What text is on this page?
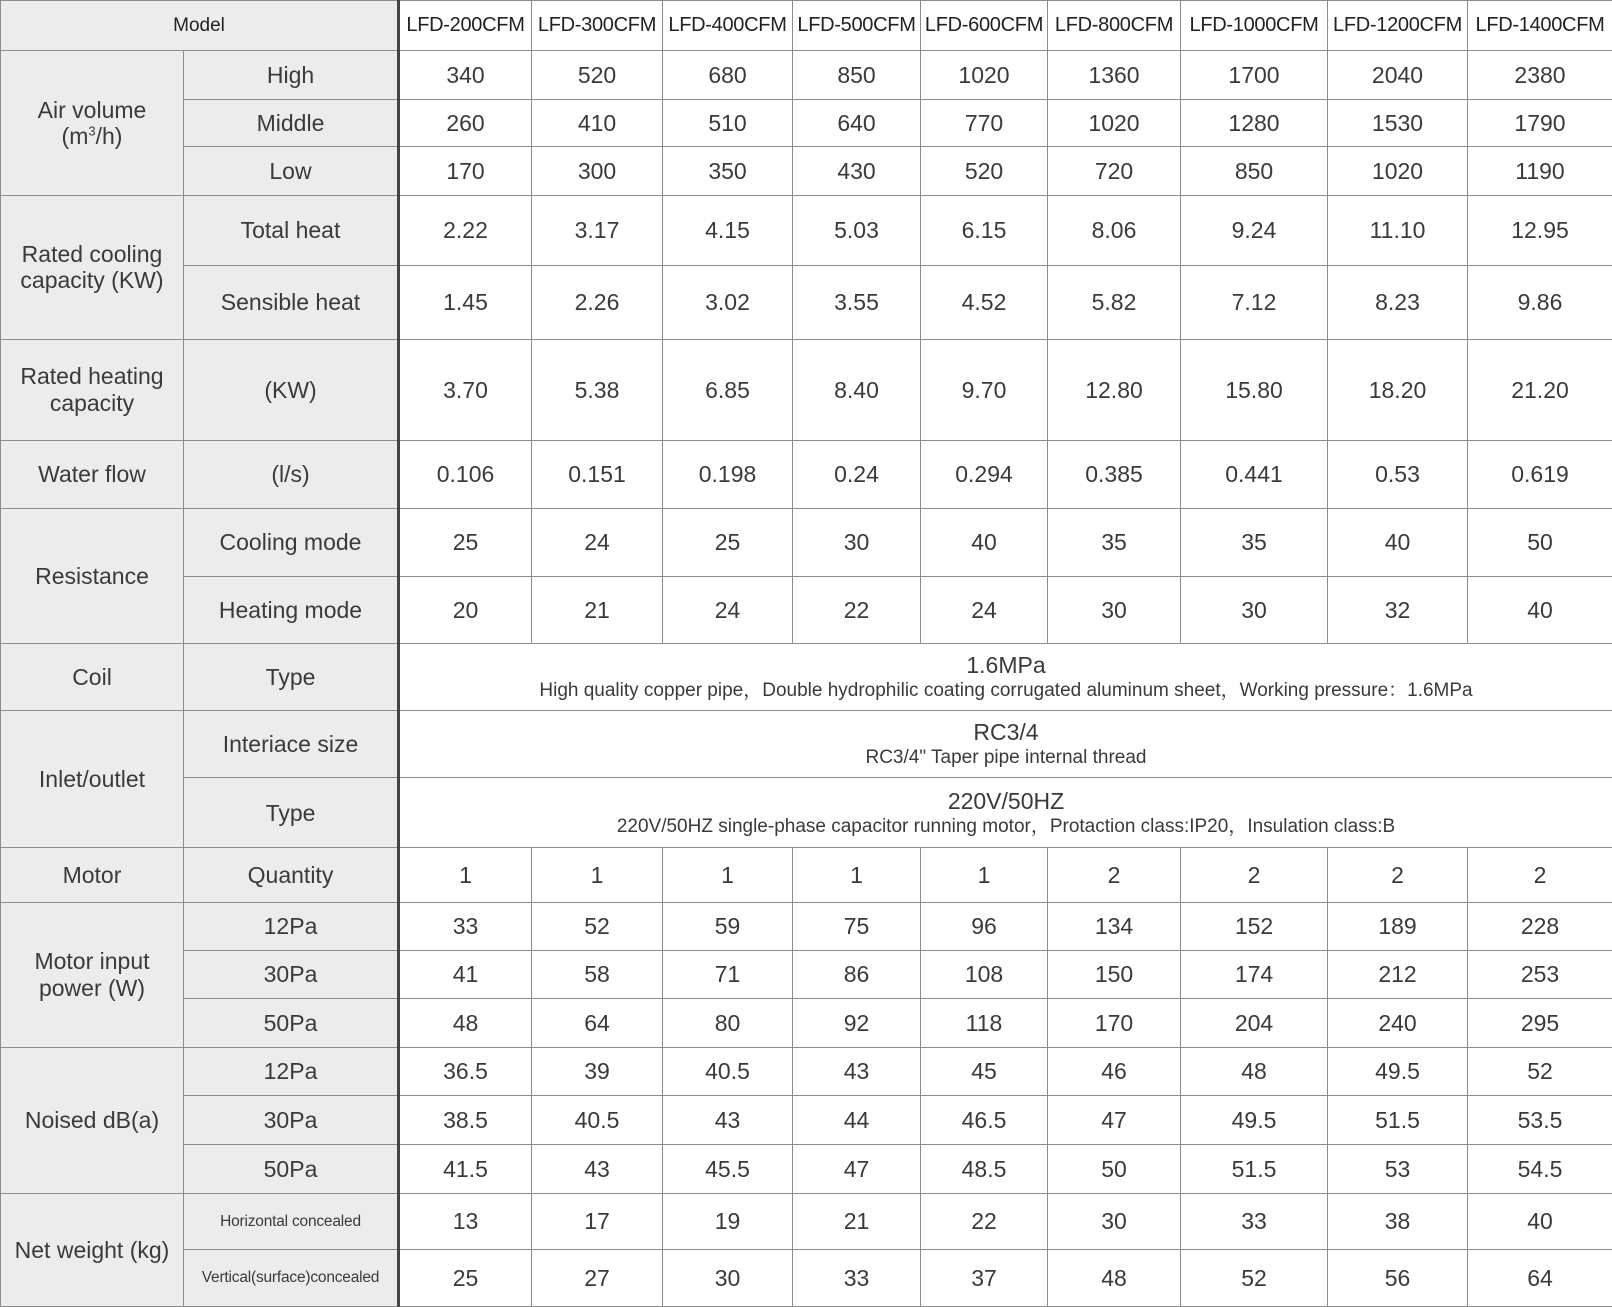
Model		LFD-200CFM	LFD-300CFM	LFD-400CFM	LFD-500CFM	LFD-600CFM	LFD-800CFM	LFD-1000CFM	LFD-1200CFM	LFD-1400CFM
Air volume
$(m^3/h)$	High	340	520	680	850	1020	1360	1700	2040	2380
	Middle	260	410	510	640	770	1020	1280	1530	1790
	Low	170	300	350	430	520	720	850	1020	1190
Rated cooling capacity (KW)	Total heat	2.22	3.17	4.15	5.03	6.15	8.06	9.24	11.10	12.95
	Sensible heat	1.45	2.26	3.02	3.55	4.52	5.82	7.12	8.23	9.86
Rated heating capacity	(KW)	3.70	5.38	6.85	8.40	9.70	12.80	15.80	18.20	21.20
Water flow	(l/s)	0.106	0.151	0.198	0.24	0.294	0.385	0.441	0.53	0.619
Resistance	Cooling mode	25	24	25	30	40	35	35	40	50
	Heating mode	20	21	24	22	24	30	30	32	40
Coil	Type	1.6MPa
High quality copper pipe，Double hydrophilic coating corrugated aluminum sheet，Working pressure：1.6MPa								

Inlet/outlet	Interiace size	RC3/4
RC3/4" Taper pipe internal thread								

	Type	220V/50HZ
220V/50HZ single-phase capacitor running motor，Protaction class:IP20，Insulation class:B								

Motor	Quantity	1	1	1	1	1	2	2	2	2
Motor input power (W)	12Pa	33	52	59	75	96	134	152	189	228
	30Pa	41	58	71	86	108	150	174	212	253
	50Pa	48	64	80	92	118	170	204	240	295
Noised dB(a)	12Pa	36.5	39	40.5	43	45	46	48	49.5	52
	30Pa	38.5	40.5	43	44	46.5	47	49.5	51.5	53.5
	50Pa	41.5	43	45.5	47	48.5	50	51.5	53	54.5
Net weight (kg)	Horizontal concealed	13	17	19	21	22	30	33	38	40
	Vertical(surface)concealed	25	27	30	33	37	48	52	56	64
